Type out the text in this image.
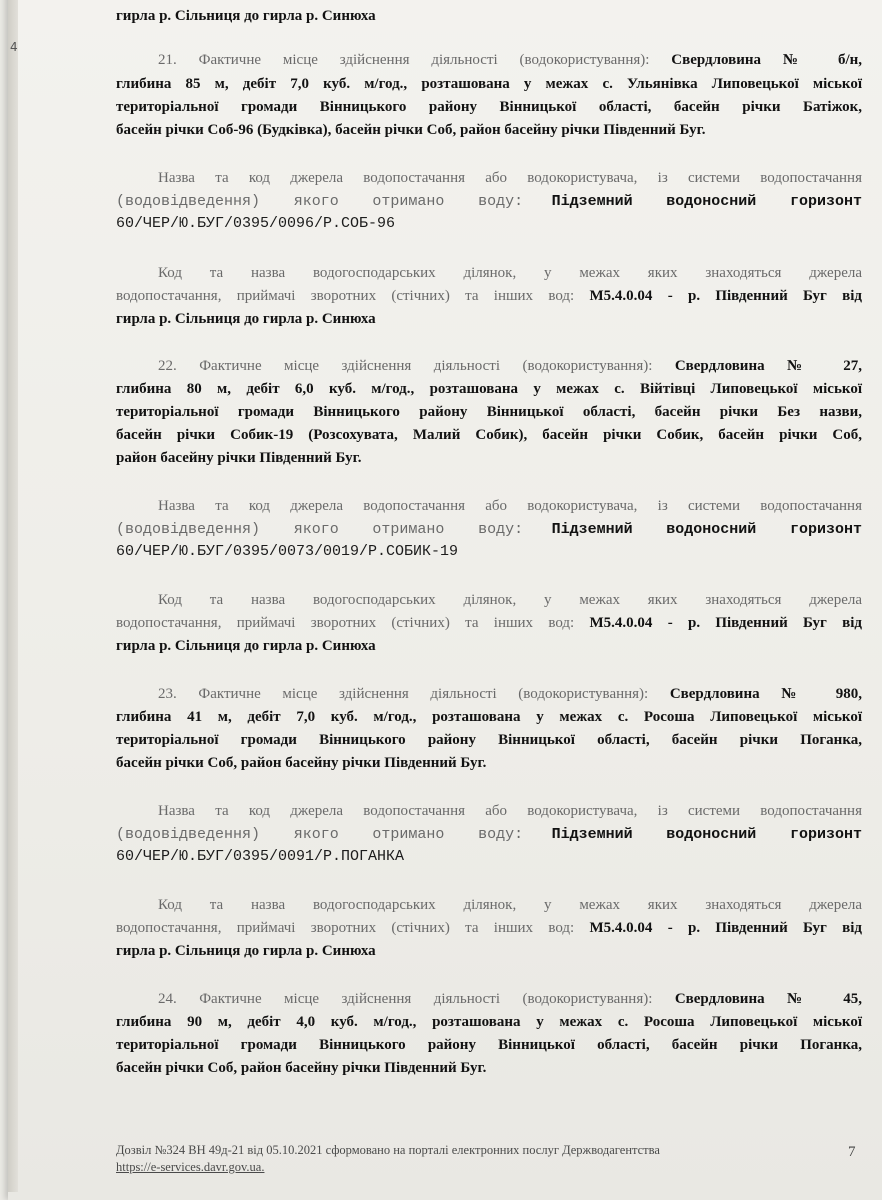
4
гирла р. Сільниця до гирла р. Синюха
21. Фактичне місце здійснення діяльності (водокористування): Свердловина № б/н,
глибина 85 м, дебіт 7,0 куб. м/год., розташована у межах с. Ульянівка Липовецької міської
територіальної громади Вінницького району Вінницької області, басейн річки Батіжок,
басейн річки Соб-96 (Будківка), басейн річки Соб, район басейну річки Південний Буг.
Назва та код джерела водопостачання або водокористувача, із системи водопостачання
(водовідведення) якого отримано воду: Підземний водоносний горизонт
60/ЧЕР/Ю.БУГ/0395/0096/Р.СОБ-96
Код та назва водогосподарських ділянок, у межах яких знаходяться джерела
водопостачання, приймачі зворотних (стічних) та інших вод: М5.4.0.04 - р. Південний Буг від
гирла р. Сільниця до гирла р. Синюха
22. Фактичне місце здійснення діяльності (водокористування): Свердловина № 27,
глибина 80 м, дебіт 6,0 куб. м/год., розташована у межах с. Війтівці Липовецької міської
територіальної громади Вінницького району Вінницької області, басейн річки Без назви,
басейн річки Собик-19 (Розсохувата, Малий Собик), басейн річки Собик, басейн річки Соб,
район басейну річки Південний Буг.
Назва та код джерела водопостачання або водокористувача, із системи водопостачання
(водовідведення) якого отримано воду: Підземний водоносний горизонт
60/ЧЕР/Ю.БУГ/0395/0073/0019/Р.СОБИК-19
Код та назва водогосподарських ділянок, у межах яких знаходяться джерела
водопостачання, приймачі зворотних (стічних) та інших вод: М5.4.0.04 - р. Південний Буг від
гирла р. Сільниця до гирла р. Синюха
23. Фактичне місце здійснення діяльності (водокористування): Свердловина № 980,
глибина 41 м, дебіт 7,0 куб. м/год., розташована у межах с. Росоша Липовецької міської
територіальної громади Вінницького району Вінницької області, басейн річки Поганка,
басейн річки Соб, район басейну річки Південний Буг.
Назва та код джерела водопостачання або водокористувача, із системи водопостачання
(водовідведення) якого отримано воду: Підземний водоносний горизонт
60/ЧЕР/Ю.БУГ/0395/0091/Р.ПОГАНКА
Код та назва водогосподарських ділянок, у межах яких знаходяться джерела
водопостачання, приймачі зворотних (стічних) та інших вод: М5.4.0.04 - р. Південний Буг від
гирла р. Сільниця до гирла р. Синюха
24. Фактичне місце здійснення діяльності (водокористування): Свердловина № 45,
глибина 90 м, дебіт 4,0 куб. м/год., розташована у межах с. Росоша Липовецької міської
територіальної громади Вінницького району Вінницької області, басейн річки Поганка,
басейн річки Соб, район басейну річки Південний Буг.
Дозвіл №324 ВН 49д-21 від 05.10.2021 сформовано на порталі електронних послуг Держводагентства
https://e-services.davr.gov.ua.
7
